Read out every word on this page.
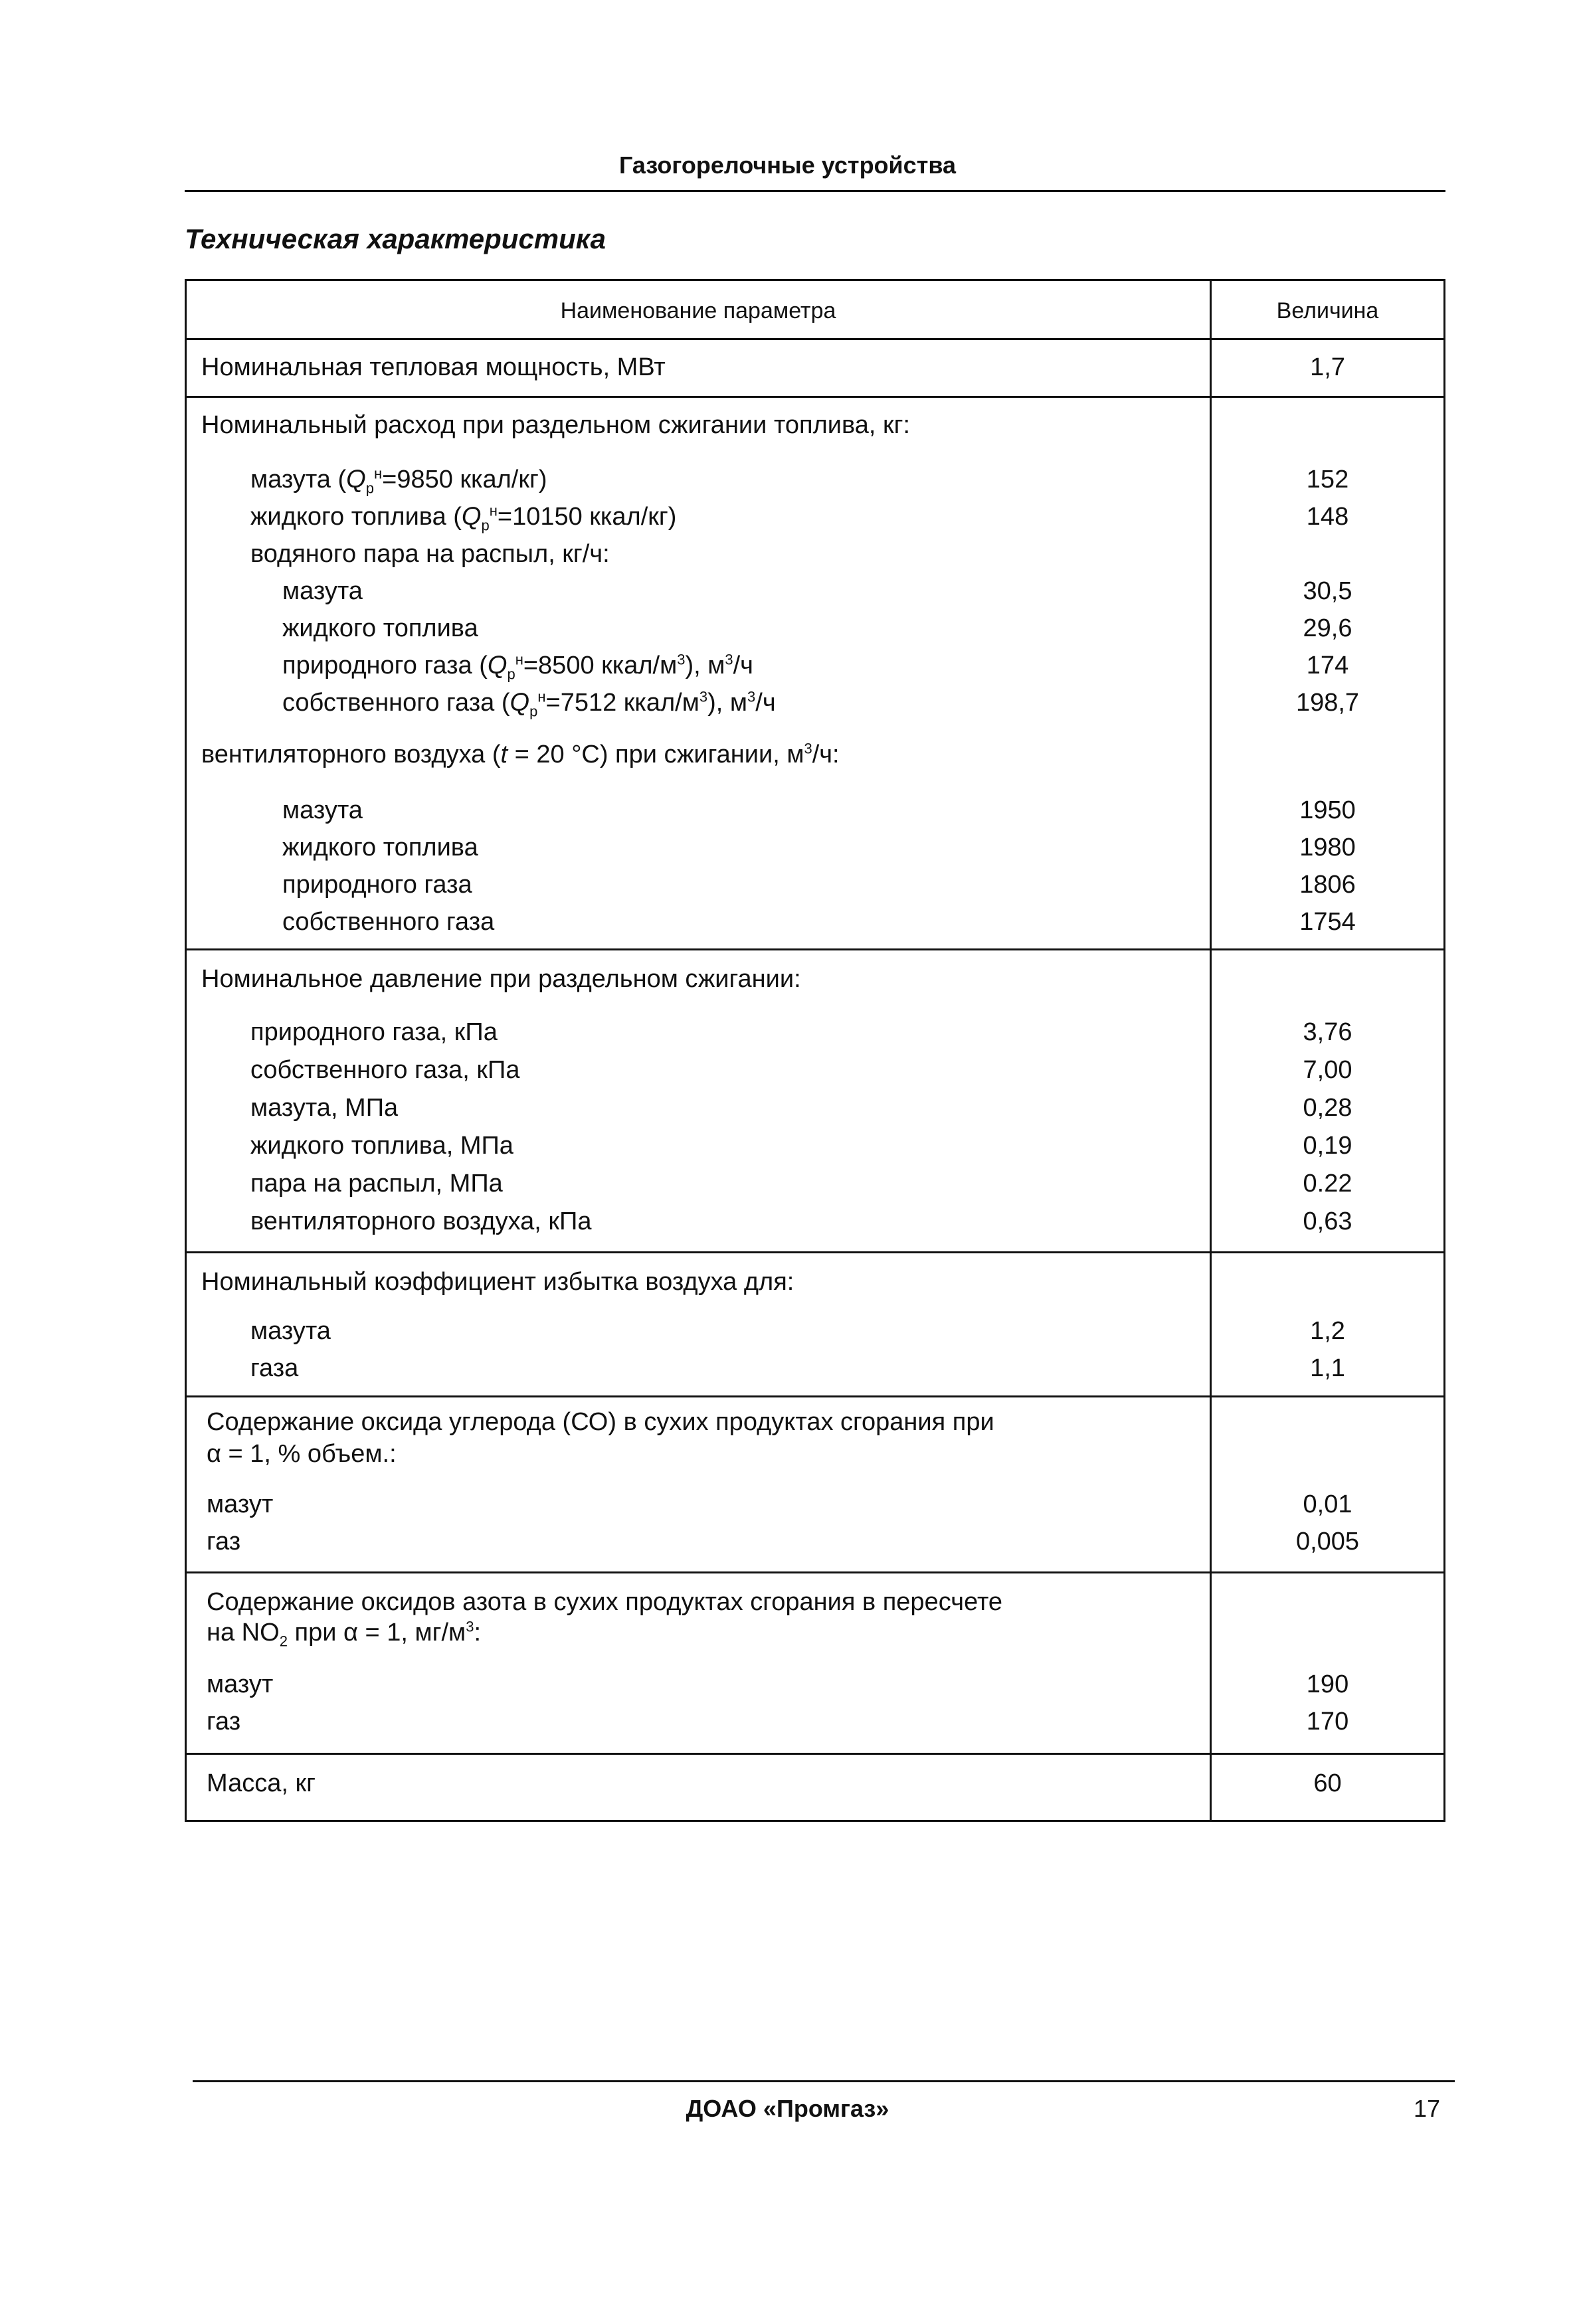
Газогорелочные устройства
Техническая характеристика
Наименование параметра	Величина
Номинальная тепловая мощность, МВт	1,7
Номинальный расход при раздельном сжигании топлива, кг:
мазута ($Q_р^н=9850$ ккал/кг)	152
жидкого топлива ($Q_р^н=10150$ ккал/кг)	148
водяного пара на распыл, кг/ч:
мазута	30,5
жидкого топлива	29,6
природного газа ($Q_р^н=8500$ ккал/$м^3$), $м^3/ч$	174
собственного газа ($Q_р^н=7512$ ккал/$м^3$), $м^3/ч$	198,7
вентиляторного воздуха (t = 20 °С) при сжигании, $м^3/ч$:
мазута	1950
жидкого топлива	1980
природного газа	1806
собственного газа	1754
Номинальное давление при раздельном сжигании:
природного газа, кПа	3,76
собственного газа, кПа	7,00
мазута, МПа	0,28
жидкого топлива, МПа	0,19
пара на распыл, МПа	0.22
вентиляторного воздуха, кПа	0,63
Номинальный коэффициент избытка воздуха для:
мазута	1,2
газа	1,1
Содержание оксида углерода (СО) в сухих продуктах сгорания при
α = 1, % объем.:
мазут	0,01
газ	0,005
Содержание оксидов азота в сухих продуктах сгорания в пересчете
на $NO_2$ при α = 1, $мг/м^3$:
мазут	190
газ	170
Масса, кг	60
ДОАО «Промгаз»	17
